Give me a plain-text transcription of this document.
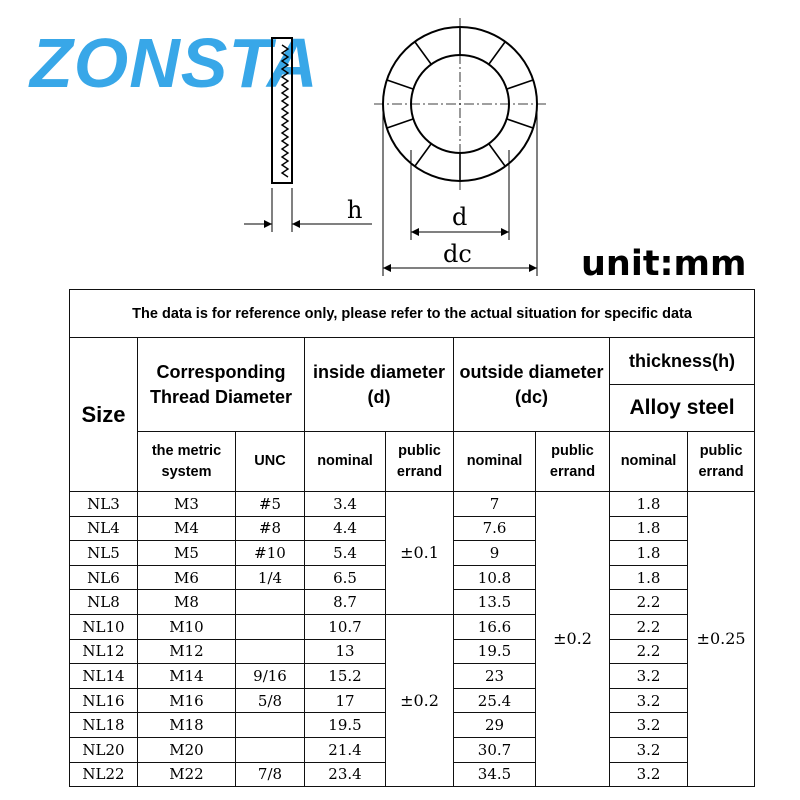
ZONSTA
h	d
dc	unit:mm
The data is for reference only, please refer to the actual situation for specific data								
Size	Corresponding Thread Diameter		inside diameter (d)		outside diameter (dc)		thickness(h)	
							Alloy steel	
	the metric system	UNC	nominal	public errand	nominal	public errand	nominal	public errand
NL3	M3	#5	3.4	±0.1	7	±0.2	1.8	±0.25
NL4	M4	#8	4.4		7.6		1.8	
NL5	M5	#10	5.4		9		1.8	
NL6	M6	1/4	6.5		10.8		1.8	
NL8	M8		8.7		13.5		2.2	
NL10	M10		10.7	±0.2	16.6		2.2	
NL12	M12		13		19.5		2.2	
NL14	M14	9/16	15.2		23		3.2	
NL16	M16	5/8	17		25.4		3.2	
NL18	M18		19.5		29		3.2	
NL20	M20		21.4		30.7		3.2	
NL22	M22	7/8	23.4		34.5		3.2	
